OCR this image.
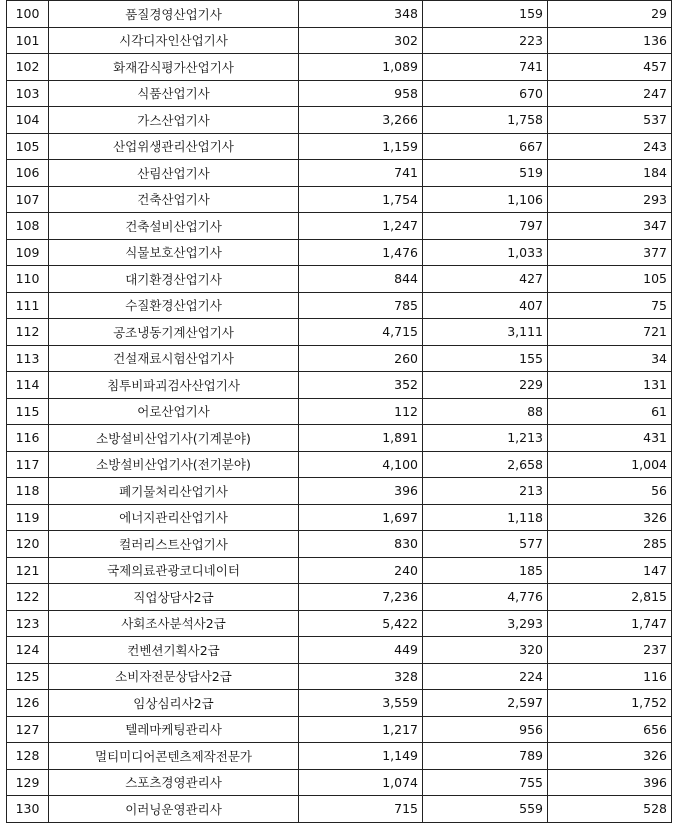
100	품질경영산업기사	348	159	29
101	시각디자인산업기사	302	223	136
102	화재감식평가산업기사	1,089	741	457
103	식품산업기사	958	670	247
104	가스산업기사	3,266	1,758	537
105	산업위생관리산업기사	1,159	667	243
106	산림산업기사	741	519	184
107	건축산업기사	1,754	1,106	293
108	건축설비산업기사	1,247	797	347
109	식물보호산업기사	1,476	1,033	377
110	대기환경산업기사	844	427	105
111	수질환경산업기사	785	407	75
112	공조냉동기계산업기사	4,715	3,111	721
113	건설재료시험산업기사	260	155	34
114	침투비파괴검사산업기사	352	229	131
115	어로산업기사	112	88	61
116	소방설비산업기사(기계분야)	1,891	1,213	431
117	소방설비산업기사(전기분야)	4,100	2,658	1,004
118	폐기물처리산업기사	396	213	56
119	에너지관리산업기사	1,697	1,118	326
120	컬러리스트산업기사	830	577	285
121	국제의료관광코디네이터	240	185	147
122	직업상담사2급	7,236	4,776	2,815
123	사회조사분석사2급	5,422	3,293	1,747
124	컨벤션기획사2급	449	320	237
125	소비자전문상담사2급	328	224	116
126	임상심리사2급	3,559	2,597	1,752
127	텔레마케팅관리사	1,217	956	656
128	멀티미디어콘텐츠제작전문가	1,149	789	326
129	스포츠경영관리사	1,074	755	396
130	이러닝운영관리사	715	559	528
